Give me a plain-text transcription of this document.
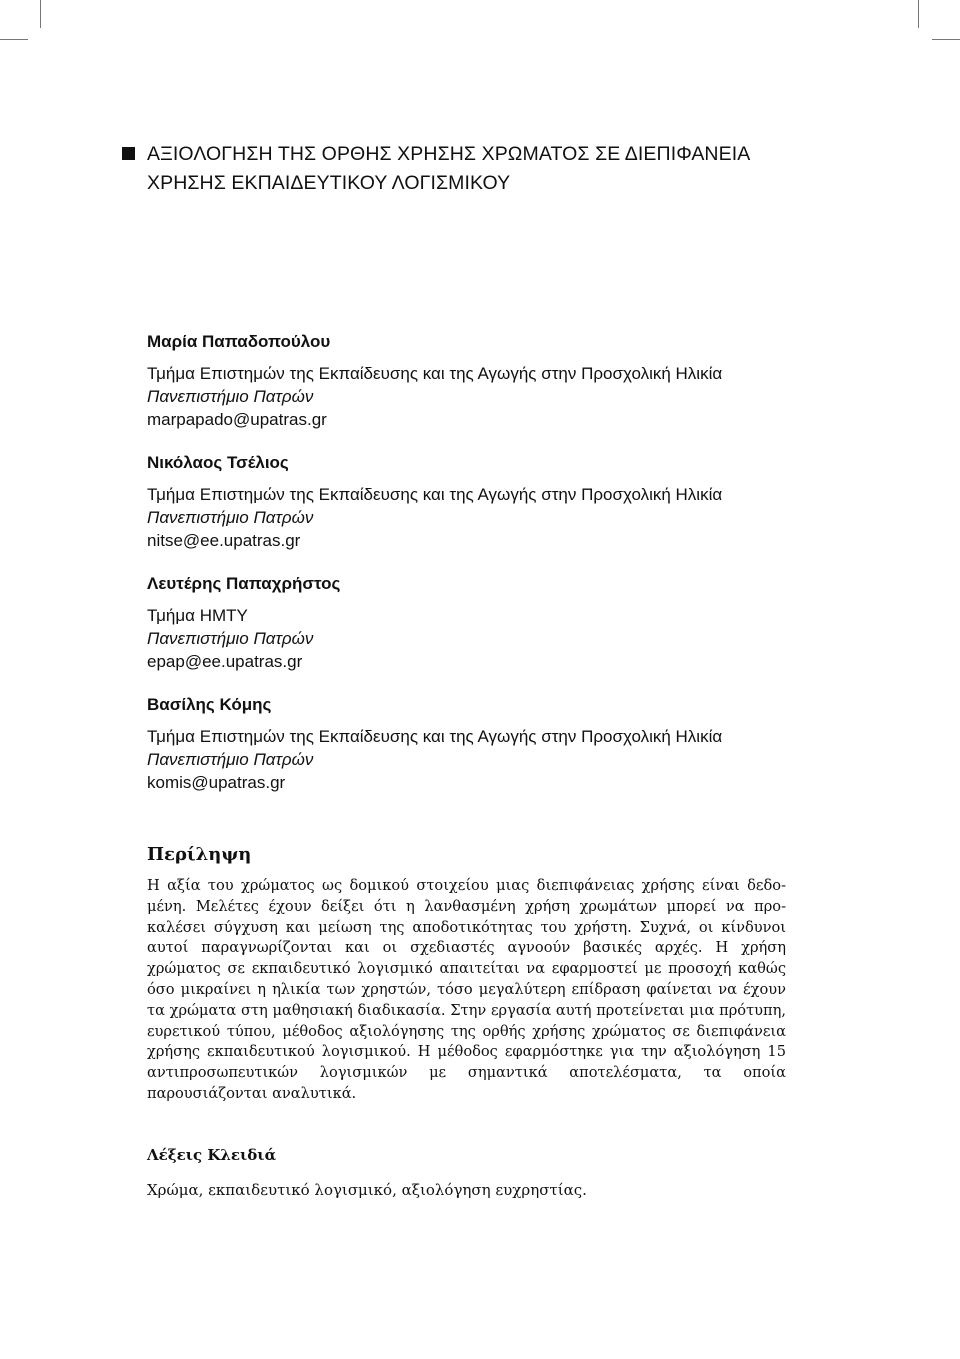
ΑΞΙΟΛΟΓΗΣΗ ΤΗΣ ΟΡΘΗΣ ΧΡΗΣΗΣ ΧΡΩΜΑΤΟΣ ΣΕ ΔΙΕΠΙΦΑΝΕΙΑ
ΧΡΗΣΗΣ ΕΚΠΑΙΔΕΥΤΙΚΟΥ ΛΟΓΙΣΜΙΚΟΥ
Μαρία Παπαδοπούλου
Τμήμα Επιστημών της Εκπαίδευσης και της Αγωγής στην Προσχολική Ηλικία
Πανεπιστήμιο Πατρών
marpapado@upatras.gr
Νικόλαος Τσέλιος
Τμήμα Επιστημών της Εκπαίδευσης και της Αγωγής στην Προσχολική Ηλικία
Πανεπιστήμιο Πατρών
nitse@ee.upatras.gr
Λευτέρης Παπαχρήστος
Τμήμα ΗΜΤΥ
Πανεπιστήμιο Πατρών
epap@ee.upatras.gr
Βασίλης Κόμης
Τμήμα Επιστημών της Εκπαίδευσης και της Αγωγής στην Προσχολική Ηλικία
Πανεπιστήμιο Πατρών
komis@upatras.gr
Περίληψη
Η αξία του χρώματος ως δομικού στοιχείου μιας διεπιφάνειας χρήσης είναι δεδομένη. Μελέτες έχουν δείξει ότι η λανθασμένη χρήση χρωμάτων μπορεί να προκαλέσει σύγχυση και μείωση της αποδοτικότητας του χρήστη. Συχνά, οι κίνδυνοι αυτοί παραγνωρίζονται και οι σχεδιαστές αγνοούν βασικές αρχές. Η χρήση χρώματος σε εκπαιδευτικό λογισμικό απαιτείται να εφαρμοστεί με προσοχή καθώς όσο μικραίνει η ηλικία των χρηστών, τόσο μεγαλύτερη επίδραση φαίνεται να έχουν τα χρώματα στη μαθησιακή διαδικασία. Στην εργασία αυτή προτείνεται μια πρότυπη, ευρετικού τύπου, μέθοδος αξιολόγησης της ορθής χρήσης χρώματος σε διεπιφάνεια χρήσης εκπαιδευτικού λογισμικού. Η μέθοδος εφαρμόστηκε για την αξιολόγηση 15 αντιπροσωπευτικών λογισμικών με σημαντικά αποτελέσματα, τα οποία παρουσιάζονται αναλυτικά.
Λέξεις Κλειδιά
Χρώμα, εκπαιδευτικό λογισμικό, αξιολόγηση ευχρηστίας.
